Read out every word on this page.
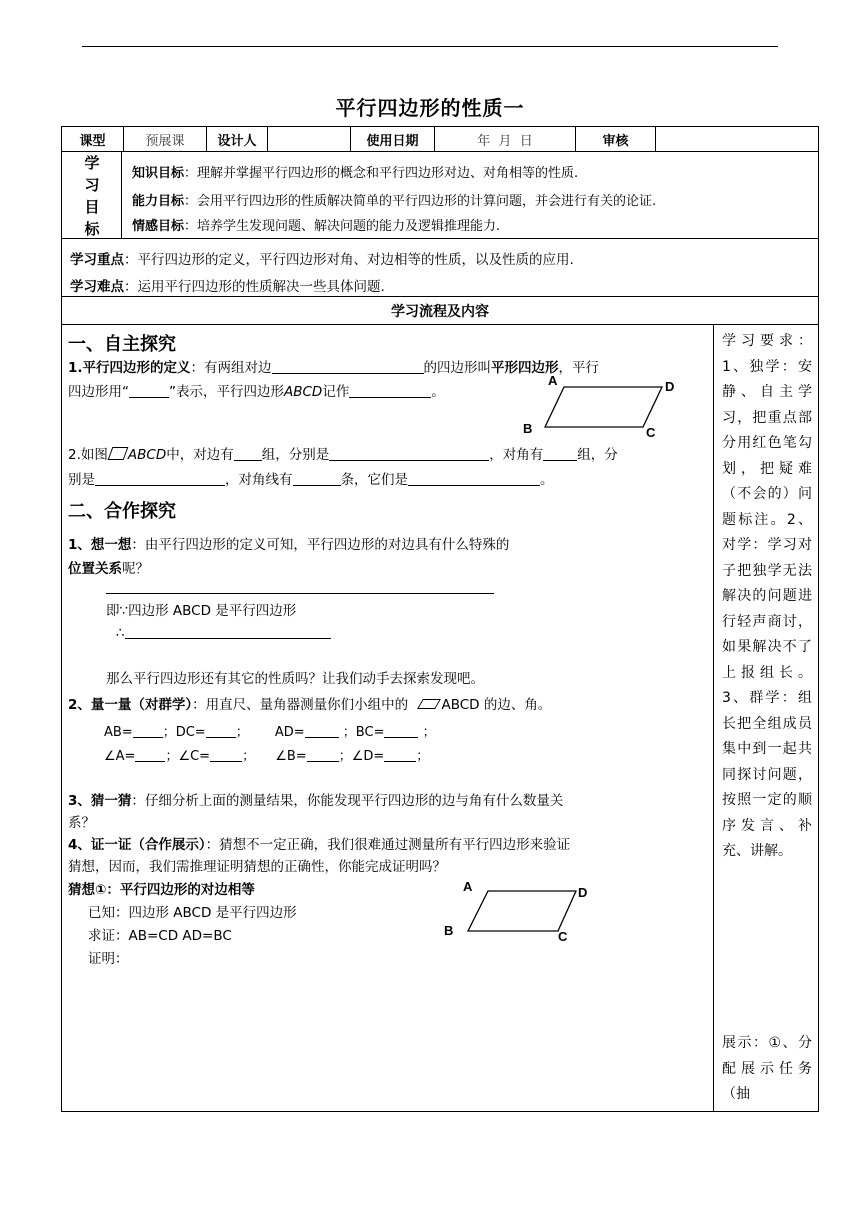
平行四边形的性质一
课型	预展课	设计人	使用日期	年  月  日	审核
学
习
目
标
知识目标：理解并掌握平行四边形的概念和平行四边形对边、对角相等的性质.
能力目标：会用平行四边形的性质解决简单的平行四边形的计算问题，并会进行有关的论证.
情感目标：培养学生发现问题、解决问题的能力及逻辑推理能力.
学习重点：平行四边形的定义，平行四边形对角、对边相等的性质，以及性质的应用.
学习难点：运用平行四边形的性质解决一些具体问题.
学习流程及内容
一、自主探究
1.平行四边形的定义：有两组对边	的四边形叫平形四边形，平行
四边形用“	”表示，平行四边形ABCD记作	。
A	D
B	C
2.如图 ABCD中，对边有 组，分别是	，对角有	组，分
别是	，对角线有	条，它们是	。
二、合作探究
1、想一想：由平行四边形的定义可知，平行四边形的对边具有什么特殊的
位置关系呢？
即∵四边形 ABCD 是平行四边形
∴
那么平行四边形还有其它的性质吗？让我们动手去探索发现吧。
2、量一量（对群学）：用直尺、量角器测量你们小组中的 ABCD 的边、角。
AB= ；DC= ； AD=	；BC=	；
∠A= ；∠C= ； ∠B= ；∠D= ；
3、猜一猜：仔细分析上面的测量结果，你能发现平行四边形的边与角有什么数量关
系？
4、证一证（合作展示）：猜想不一定正确，我们很难通过测量所有平行四边形来验证
猜想，因而，我们需推理证明猜想的正确性，你能完成证明吗？
猜想①：平行四边形的对边相等
已知：四边形 ABCD 是平行四边形
求证：AB=CD AD=BC
证明：
A	D
B	C
学习要求：1、独学：安静、自主学习，把重点部分用红色笔勾划，把疑难（不会的）问题标注。2、对学：学习对子把独学无法解决的问题进行轻声商讨，如果解决不了上报组长。3、群学：组长把全组成员集中到一起共同探讨问题，按照一定的顺序发言、补充、讲解。
展示：①、分配展示任务（抽
